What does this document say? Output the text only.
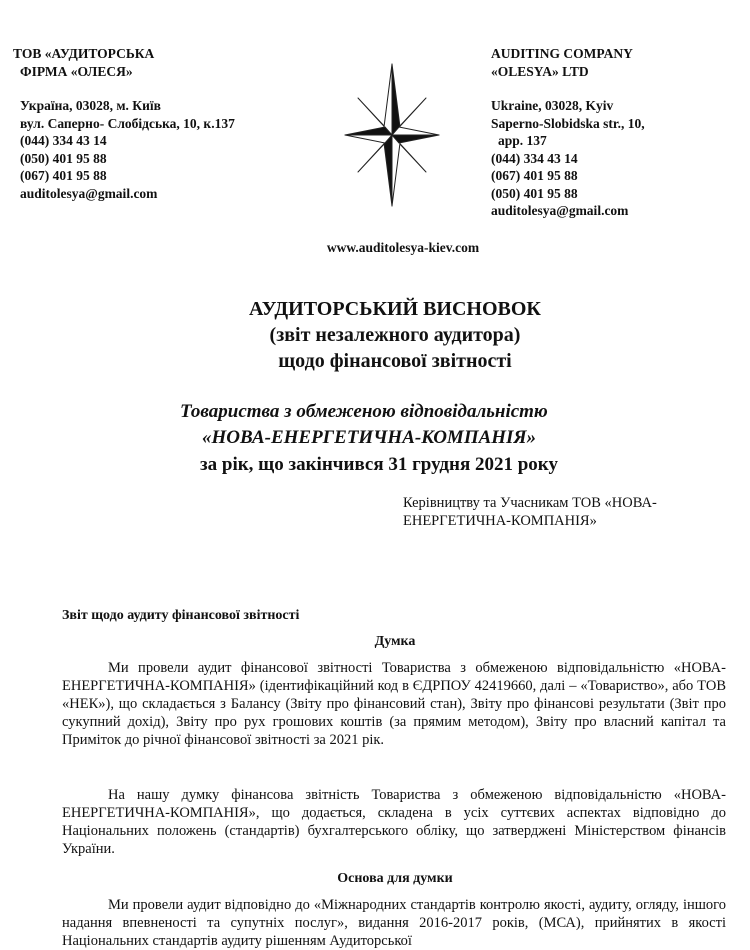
ТОВ «АУДИТОРСЬКА
ФІРМА «ОЛЕСЯ»
Україна, 03028, м. Київ
вул. Саперно- Слобідська, 10, к.137
(044) 334 43 14
(050) 401 95 88
(067) 401 95 88
auditolesya@gmail.com
AUDITING COMPANY
«OLESYA» LTD
Ukraine, 03028, Kyiv
Saperno-Slobidska str., 10,
app. 137
(044) 334 43 14
(067) 401 95 88
(050) 401 95 88
auditolesya@gmail.com
www.auditolesya-kiev.com
АУДИТОРСЬКИЙ ВИСНОВОК
(звіт незалежного аудитора)
щодо фінансової звітності
Товариства з обмеженою відповідальністю
«НОВА-ЕНЕРГЕТИЧНА-КОМПАНІЯ»
за рік, що закінчився 31 грудня 2021 року
Керівництву та Учасникам ТОВ «НОВА-
ЕНЕРГЕТИЧНА-КОМПАНІЯ»
Звіт щодо аудиту фінансової звітності
Думка
Ми провели аудит фінансової звітності Товариства з обмеженою відповідальністю «НОВА-ЕНЕРГЕТИЧНА-КОМПАНІЯ» (ідентифікаційний код в ЄДРПОУ 42419660, далі – «Товариство», або ТОВ «НЕК»), що складається з Балансу (Звіту про фінансовий стан), Звіту про фінансові результати (Звіт про сукупний дохід), Звіту про рух грошових коштів (за прямим методом), Звіту про власний капітал та Приміток до річної фінансової звітності за 2021 рік.
На нашу думку фінансова звітність Товариства з обмеженою відповідальністю «НОВА-ЕНЕРГЕТИЧНА-КОМПАНІЯ», що додається, складена в усіх суттєвих аспектах відповідно до Національних положень (стандартів) бухгалтерського обліку, що затверджені Міністерством фінансів України.
Основа для думки
Ми провели аудит відповідно до «Міжнародних стандартів контролю якості, аудиту, огляду, іншого надання впевненості та супутніх послуг», видання 2016-2017 років, (МСА), прийнятих в якості Національних стандартів аудиту рішенням Аудиторської
